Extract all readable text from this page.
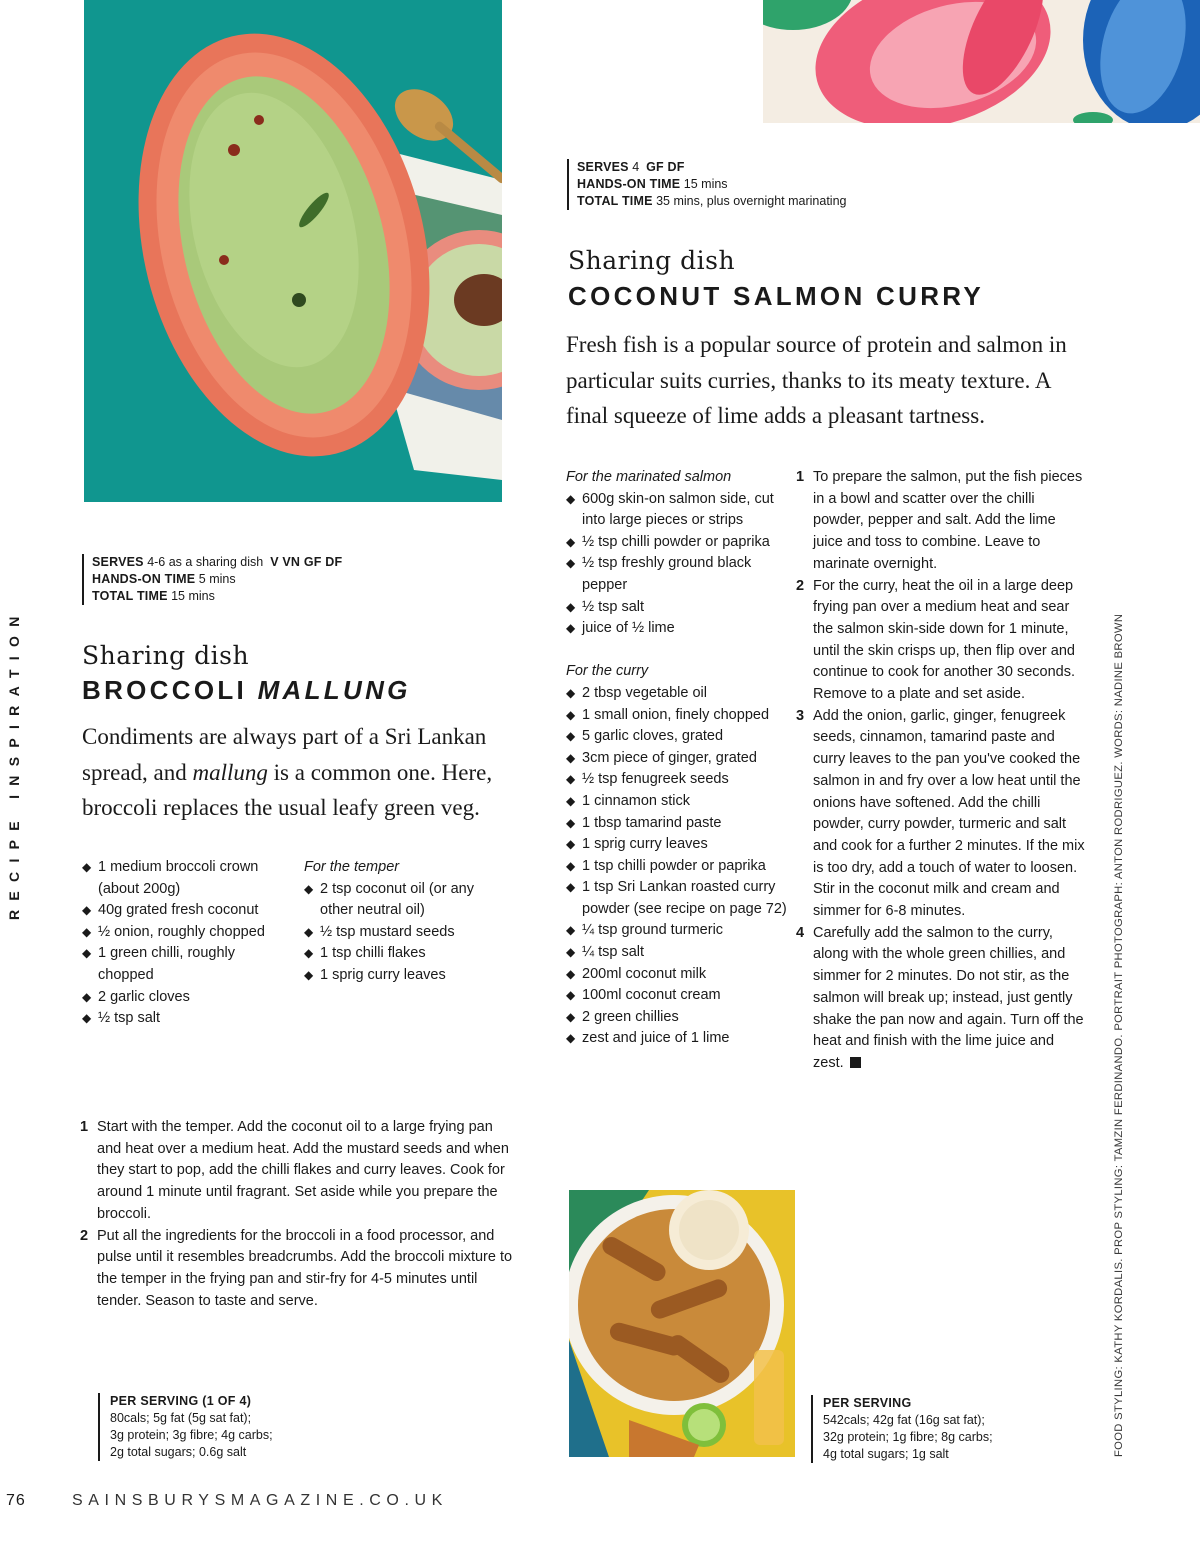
RECIPE INSPIRATION
SERVES 4-6 as a sharing dish V VN GF DF
HANDS-ON TIME 5 mins
TOTAL TIME 15 mins
Sharing dish
BROCCOLI MALLUNG
Condiments are always part of a Sri Lankan spread, and mallung is a common one. Here, broccoli replaces the usual leafy green veg.
◆ 1 medium broccoli crown (about 200g)
◆ 40g grated fresh coconut
◆ ½ onion, roughly chopped
◆ 1 green chilli, roughly chopped
◆ 2 garlic cloves
◆ ½ tsp salt
For the temper
◆ 2 tsp coconut oil (or any other neutral oil)
◆ ½ tsp mustard seeds
◆ 1 tsp chilli flakes
◆ 1 sprig curry leaves
1 Start with the temper. Add the coconut oil to a large frying pan and heat over a medium heat. Add the mustard seeds and when they start to pop, add the chilli flakes and curry leaves. Cook for around 1 minute until fragrant. Set aside while you prepare the broccoli.
2 Put all the ingredients for the broccoli in a food processor, and pulse until it resembles breadcrumbs. Add the broccoli mixture to the temper in the frying pan and stir-fry for 4-5 minutes until tender. Season to taste and serve.
PER SERVING (1 OF 4)
80cals; 5g fat (5g sat fat);
3g protein; 3g fibre; 4g carbs;
2g total sugars; 0.6g salt
SERVES 4 GF DF
HANDS-ON TIME 15 mins
TOTAL TIME 35 mins, plus overnight marinating
Sharing dish
COCONUT SALMON CURRY
Fresh fish is a popular source of protein and salmon in particular suits curries, thanks to its meaty texture. A final squeeze of lime adds a pleasant tartness.
For the marinated salmon
◆ 600g skin-on salmon side, cut into large pieces or strips
◆ ½ tsp chilli powder or paprika
◆ ½ tsp freshly ground black pepper
◆ ½ tsp salt
◆ juice of ½ lime
For the curry
◆ 2 tbsp vegetable oil
◆ 1 small onion, finely chopped
◆ 5 garlic cloves, grated
◆ 3cm piece of ginger, grated
◆ ½ tsp fenugreek seeds
◆ 1 cinnamon stick
◆ 1 tbsp tamarind paste
◆ 1 sprig curry leaves
◆ 1 tsp chilli powder or paprika
◆ 1 tsp Sri Lankan roasted curry powder (see recipe on page 72)
◆ ¼ tsp ground turmeric
◆ ¼ tsp salt
◆ 200ml coconut milk
◆ 100ml coconut cream
◆ 2 green chillies
◆ zest and juice of 1 lime
1 To prepare the salmon, put the fish pieces in a bowl and scatter over the chilli powder, pepper and salt. Add the lime juice and toss to combine. Leave to marinate overnight.
2 For the curry, heat the oil in a large deep frying pan over a medium heat and sear the salmon skin-side down for 1 minute, until the skin crisps up, then flip over and continue to cook for another 30 seconds. Remove to a plate and set aside.
3 Add the onion, garlic, ginger, fenugreek seeds, cinnamon, tamarind paste and curry leaves to the pan you've cooked the salmon in and fry over a low heat until the onions have softened. Add the chilli powder, curry powder, turmeric and salt and cook for a further 2 minutes. If the mix is too dry, add a touch of water to loosen. Stir in the coconut milk and cream and simmer for 6-8 minutes.
4 Carefully add the salmon to the curry, along with the whole green chillies, and simmer for 2 minutes. Do not stir, as the salmon will break up; instead, just gently shake the pan now and again. Turn off the heat and finish with the lime juice and zest.
PER SERVING
542cals; 42g fat (16g sat fat);
32g protein; 1g fibre; 8g carbs;
4g total sugars; 1g salt	FOOD STYLING: KATHY KORDALIS. PROP STYLING: TAMZIN FERDINANDO. PORTRAIT PHOTOGRAPH: ANTON RODRIGUEZ. WORDS: NADINE BROWN
76	SAINSBURYSMAGAZINE.CO.UK
